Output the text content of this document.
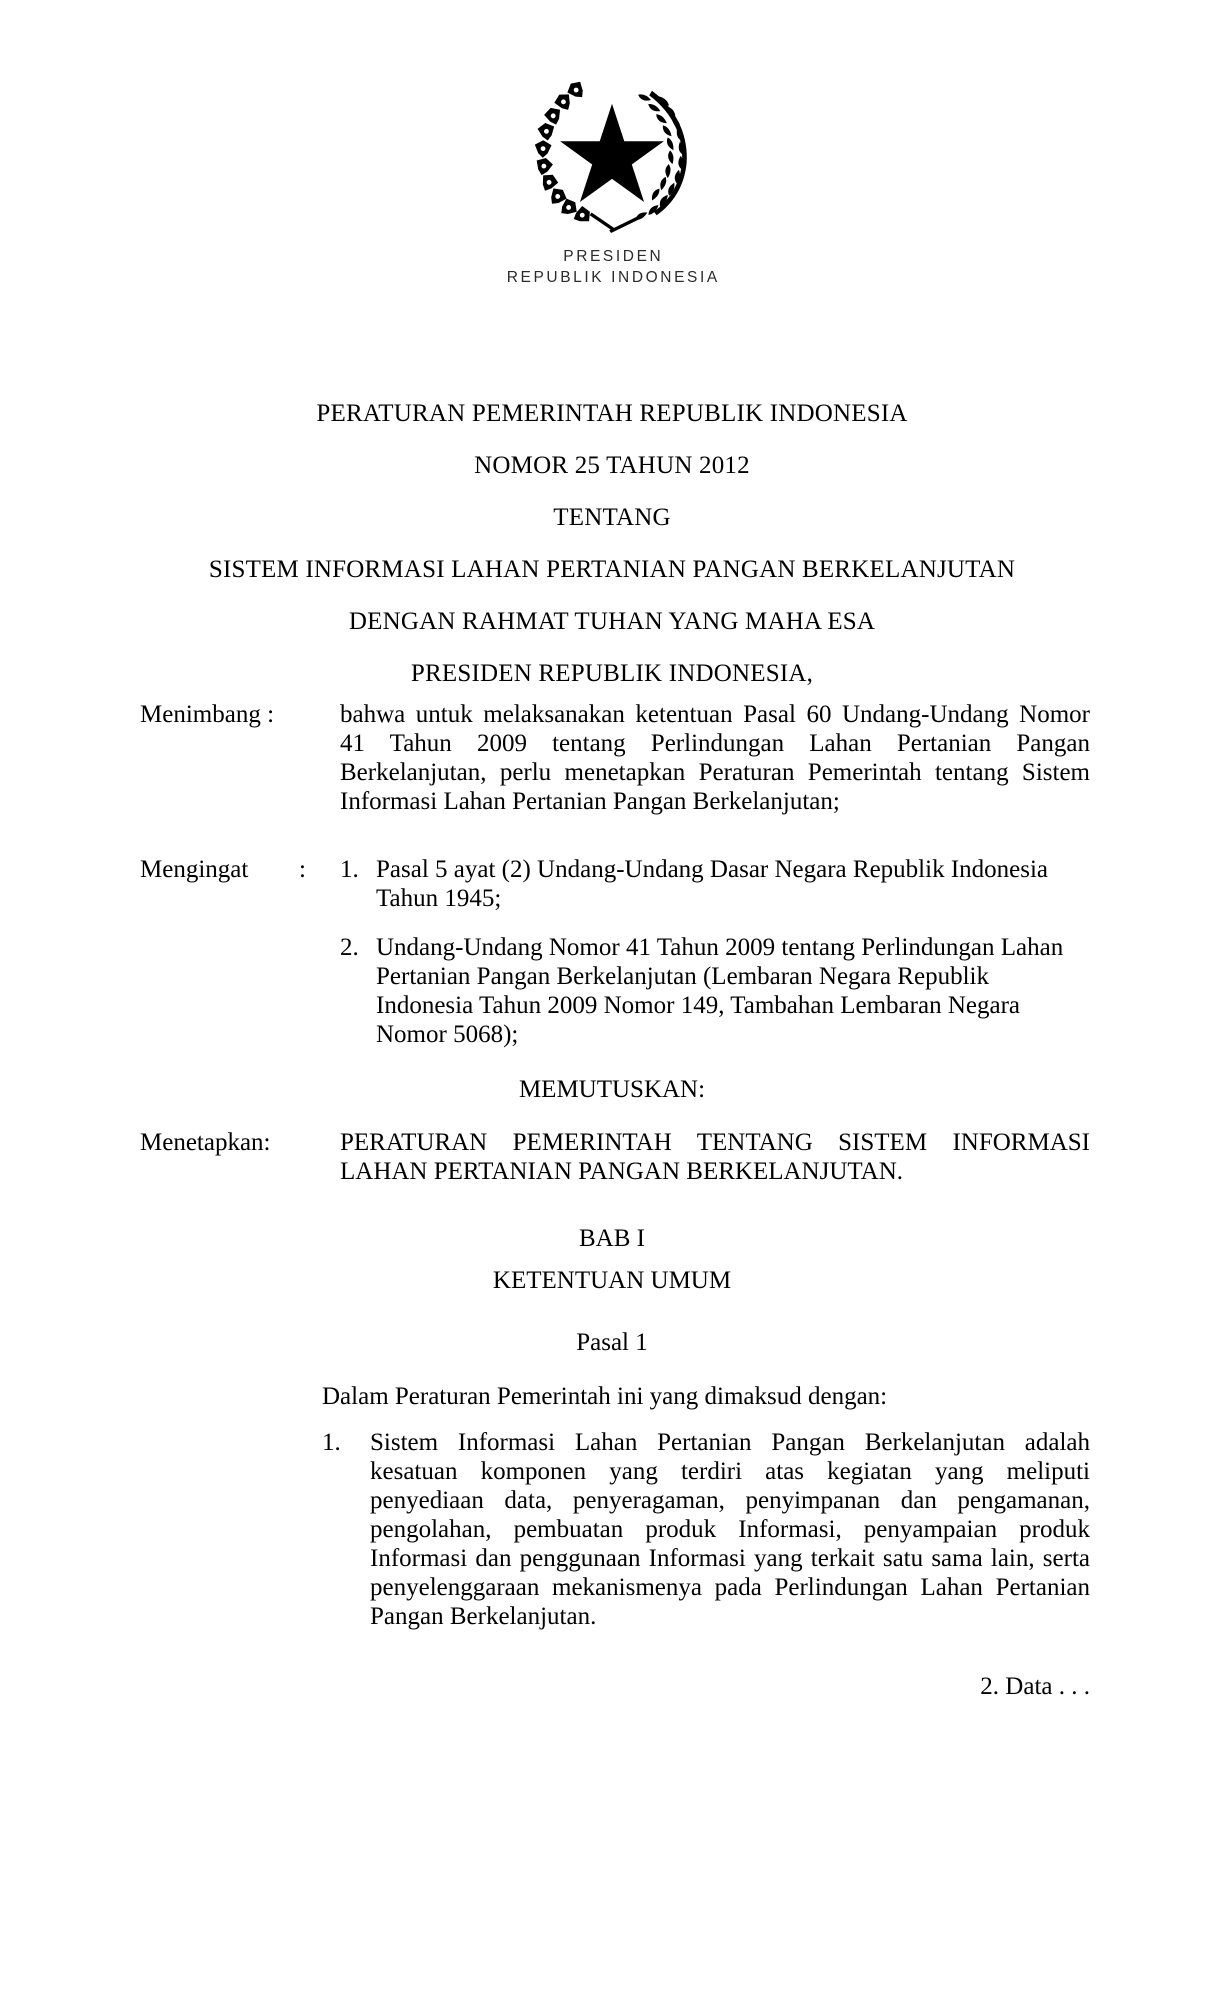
PRESIDEN
REPUBLIK INDONESIA
PERATURAN PEMERINTAH REPUBLIK INDONESIA
NOMOR 25 TAHUN 2012
TENTANG
SISTEM INFORMASI LAHAN PERTANIAN PANGAN BERKELANJUTAN
DENGAN RAHMAT TUHAN YANG MAHA ESA
PRESIDEN REPUBLIK INDONESIA,
Menimbang :	bahwa untuk melaksanakan ketentuan Pasal 60 Undang-Undang Nomor 41 Tahun 2009 tentang Perlindungan Lahan Pertanian Pangan Berkelanjutan, perlu menetapkan Peraturan Pemerintah tentang Sistem Informasi Lahan Pertanian Pangan Berkelanjutan;

Mengingat : 1. Pasal 5 ayat (2) Undang-Undang Dasar Negara Republik Indonesia Tahun 1945;
2. Undang-Undang Nomor 41 Tahun 2009 tentang Perlindungan Lahan Pertanian Pangan Berkelanjutan (Lembaran Negara Republik Indonesia Tahun 2009 Nomor 149, Tambahan Lembaran Negara Nomor 5068);
MEMUTUSKAN:
Menetapkan:	PERATURAN PEMERINTAH TENTANG SISTEM INFORMASI LAHAN PERTANIAN PANGAN BERKELANJUTAN.

BAB I
KETENTUAN UMUM
Pasal 1
Dalam Peraturan Pemerintah ini yang dimaksud dengan:
1. Sistem Informasi Lahan Pertanian Pangan Berkelanjutan adalah kesatuan komponen yang terdiri atas kegiatan yang meliputi penyediaan data, penyeragaman, penyimpanan dan pengamanan, pengolahan, pembuatan produk Informasi, penyampaian produk Informasi dan penggunaan Informasi yang terkait satu sama lain, serta penyelenggaraan mekanismenya pada Perlindungan Lahan Pertanian Pangan Berkelanjutan.
2. Data . . .
